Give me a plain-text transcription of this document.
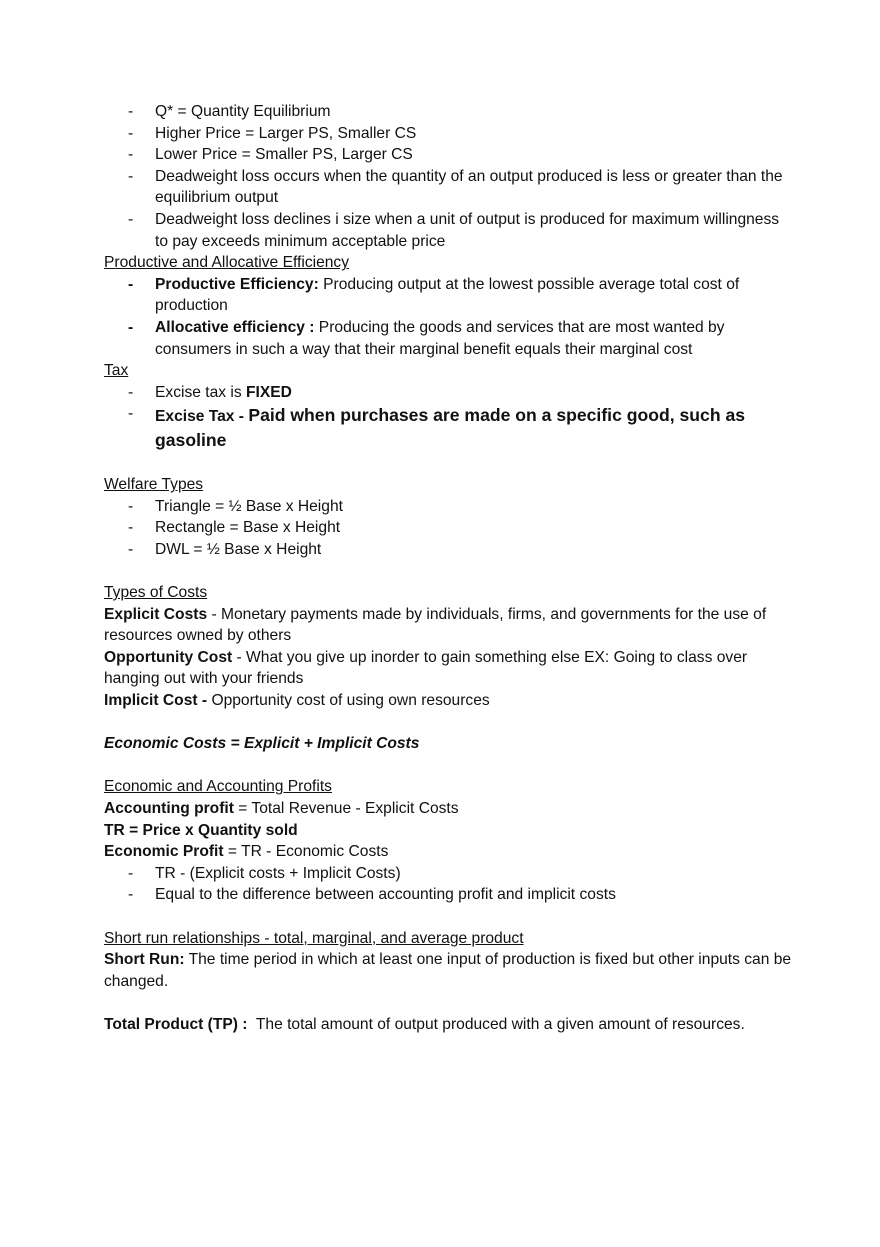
- Q* = Quantity Equilibrium
- Higher Price = Larger PS, Smaller CS
- Lower Price = Smaller PS, Larger CS
- Deadweight loss occurs when the quantity of an output produced is less or greater than the equilibrium output
- Deadweight loss declines i size when a unit of output is produced for maximum willingness to pay exceeds minimum acceptable price

Productive and Allocative Efficiency

- Productive Efficiency: Producing output at the lowest possible average total cost of production
- Allocative efficiency : Producing the goods and services that are most wanted by consumers in such a way that their marginal benefit equals their marginal cost

Tax

- Excise tax is FIXED
- Excise Tax - Paid when purchases are made on a specific good, such as gasoline

Welfare Types

- Triangle = ½ Base x Height
- Rectangle = Base x Height
- DWL = ½ Base x Height

Types of Costs

Explicit Costs - Monetary payments made by individuals, firms, and governments for the use of resources owned by others

Opportunity Cost - What you give up inorder to gain something else EX: Going to class over hanging out with your friends

Implicit Cost - Opportunity cost of using own resources

Economic Costs = Explicit + Implicit Costs

Economic and Accounting Profits

Accounting profit = Total Revenue - Explicit Costs

TR = Price x Quantity sold

Economic Profit = TR - Economic Costs

- TR - (Explicit costs + Implicit Costs)
- Equal to the difference between accounting profit and implicit costs

Short run relationships - total, marginal, and average product

Short Run: The time period in which at least one input of production is fixed but other inputs can be changed.

Total Product (TP) :  The total amount of output produced with a given amount of resources.
